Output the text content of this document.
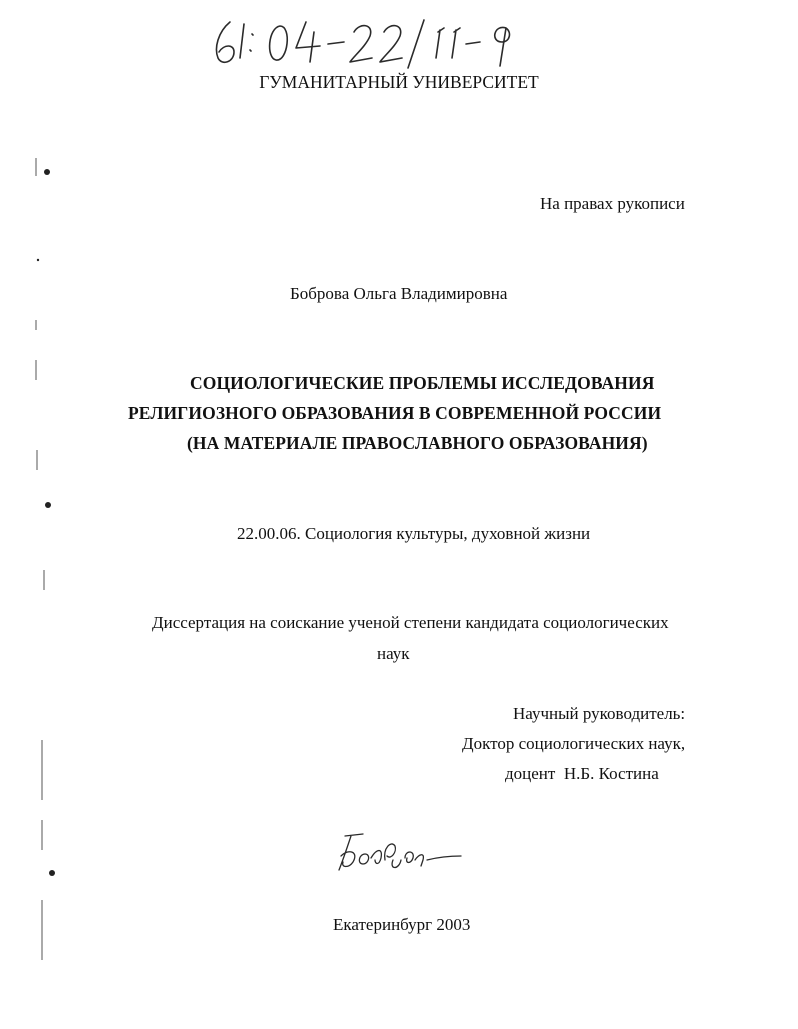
ГУМАНИТАРНЫЙ УНИВЕРСИТЕТ
На правах рукописи
Боброва Ольга Владимировна
СОЦИОЛОГИЧЕСКИЕ ПРОБЛЕМЫ ИССЛЕДОВАНИЯ
РЕЛИГИОЗНОГО ОБРАЗОВАНИЯ В СОВРЕМЕННОЙ РОССИИ
(НА МАТЕРИАЛЕ ПРАВОСЛАВНОГО ОБРАЗОВАНИЯ)
22.00.06. Социология культуры, духовной жизни
Диссертация на соискание ученой степени кандидата социологических
наук
Научный руководитель:
Доктор социологических наук,
доцент  Н.Б. Костина
Екатеринбург 2003
